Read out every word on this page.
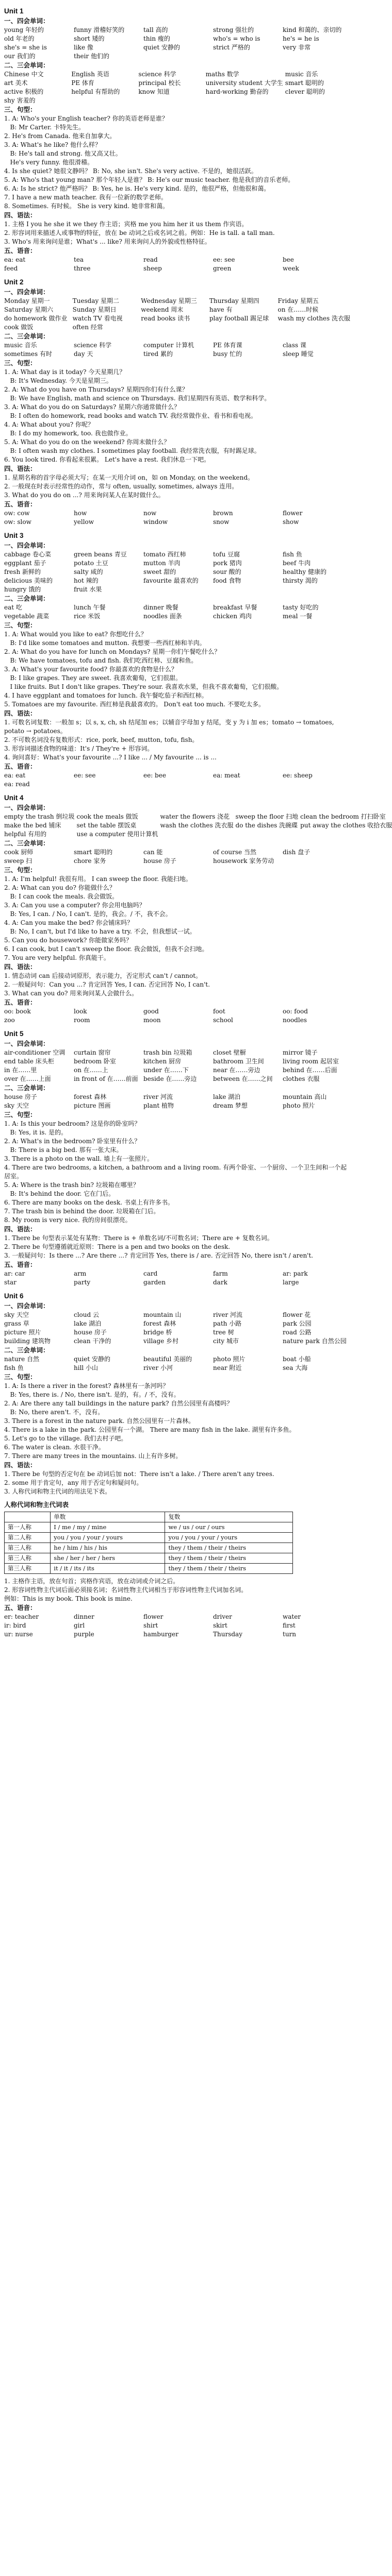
Unit 1
一、四会单词：
young 年轻的	funny 滑稽好笑的	tall 高的	strong 强壮的	kind 和蔼的、亲切的
old 年老的	short 矮的	thin 瘦的	who's = who is	he's = he is
she's = she is	like 像	quiet 安静的	strict 严格的	very 非常
our 我们的	their 他们的
二、三会单词：
Chinese 中文	English 英语	science 科学	maths 数学	music 音乐
art 美术	PE 体育	principal 校长	university student 大学生 smart 聪明的
active 积极的	helpful 有帮助的	know 知道	hard-working 勤奋的	clever 聪明的
shy 害羞的
三、句型：
1. A: Who's your English teacher? 你的英语老师是谁？
B: Mr Carter. 卡特先生。
2. He's from Canada. 他来自加拿大。
3. A: What's he like? 他什么样？
B: He's tall and strong. 他又高又壮。
He's very funny. 他很滑稽。
4. Is she quiet? 她很文静吗？ B: No, she isn't. She's very active. 不是的，她很活跃。
5. A: Who's that young man? 那个年轻人是谁？ B: He's our music teacher. 他是我们的音乐老师。
6. A: Is he strict? 他严格吗？ B: Yes, he is. He's very kind. 是的，他很严格，但他很和蔼。
7. I have a new math teacher. 我有一位新的数学老师。
8. Sometimes. 有时候。 She is very kind. 她非常和蔼。
四、语法：
1. 主格 I you he she it we they 作主语；宾格 me you him her it us them 作宾语。
2. 形容词用来描述人或事物的特征，放在 be 动词之后或名词之前。例如：He is tall. a tall man.
3. Who's 用来询问是谁；What's ... like? 用来询问人的外貌或性格特征。
五、语音：
ea: eat	tea	read	ee: see	bee
feed	three	sheep	green	week
Unit 2
一、四会单词：
Monday 星期一	Tuesday 星期二	Wednesday 星期三	Thursday 星期四	Friday 星期五
Saturday 星期六	Sunday 星期日	weekend 周末	have 有	on 在……时候
do homework 做作业 watch TV 看电视	read books 读书	play football 踢足球	wash my clothes 洗衣服
cook 做饭	often 经常
二、三会单词：
music 音乐	science 科学	computer 计算机	PE 体育课	class 课
sometimes 有时	day 天	tired 累的	busy 忙的	sleep 睡觉
三、句型：
1. A: What day is it today? 今天星期几？
B: It's Wednesday. 今天是星期三。
2. A: What do you have on Thursdays? 星期四你们有什么课？
B: We have English, math and science on Thursdays. 我们星期四有英语、数学和科学。
3. A: What do you do on Saturdays? 星期六你通常做什么？
B: I often do homework, read books and watch TV. 我经常做作业、看书和看电视。
4. A: What about you? 你呢？
B: I do my homework, too. 我也做作业。
5. A: What do you do on the weekend? 你周末做什么？
B: I often wash my clothes. I sometimes play football. 我经常洗衣服，有时踢足球。
6. You look tired. 你看起来很累。 Let's have a rest. 我们休息一下吧。
四、语法：
1. 星期名称的首字母必须大写；在某一天用介词 on，如 on Monday, on the weekend。
2. 一般现在时表示经常性的动作，常与 often, usually, sometimes, always 连用。
3. What do you do on ...? 用来询问某人在某时做什么。
五、语音：
ow: cow	how	now	brown	flower
ow: slow	yellow	window	snow	show
Unit 3
一、四会单词：
cabbage 卷心菜	green beans 青豆	tomato 西红柿	tofu 豆腐	fish 鱼
eggplant 茄子	potato 土豆	mutton 羊肉	pork 猪肉	beef 牛肉
fresh 新鲜的	salty 咸的	sweet 甜的	sour 酸的	healthy 健康的
delicious 美味的	hot 辣的	favourite 最喜欢的	food 食物	thirsty 渴的
hungry 饿的	fruit 水果
二、三会单词：
eat 吃	lunch 午餐	dinner 晚餐	breakfast 早餐	tasty 好吃的
vegetable 蔬菜	rice 米饭	noodles 面条	chicken 鸡肉	meal 一餐
三、句型：
1. A: What would you like to eat? 你想吃什么？
B: I'd like some tomatoes and mutton. 我想要一些西红柿和羊肉。
2. A: What do you have for lunch on Mondays? 星期一你们午餐吃什么？
B: We have tomatoes, tofu and fish. 我们吃西红柿、豆腐和鱼。
3. A: What's your favourite food? 你最喜欢的食物是什么？
B: I like grapes. They are sweet. 我喜欢葡萄，它们很甜。
I like fruits. But I don't like grapes. They're sour. 我喜欢水果，但我不喜欢葡萄，它们很酸。
4. I have eggplant and tomatoes for lunch. 我午餐吃茄子和西红柿。
5. Tomatoes are my favourite. 西红柿是我最喜欢的。 Don't eat too much. 不要吃太多。
四、语法：
1. 可数名词复数：一般加 s；以 s, x, ch, sh 结尾加 es；以辅音字母加 y 结尾，变 y 为 i 加 es；tomato → tomatoes, potato → potatoes。
2. 不可数名词没有复数形式：rice, pork, beef, mutton, tofu, fish。
3. 形容词描述食物的味道：It's / They're + 形容词。
4. 询问喜好：What's your favourite ...? I like ... / My favourite ... is ...
五、语音：
ea: eat	ee: see	ee: bee	ea: meat	ee: sheep
ea: read
Unit 4
一、四会单词：
empty the trash 倒垃圾 cook the meals 做饭	water the flowers 浇花 sweep the floor 扫地 clean the bedroom 打扫卧室
make the bed 铺床	set the table 摆饭桌	wash the clothes 洗衣服 do the dishes 洗碗碟 put away the clothes 收拾衣服
helpful 有用的	use a computer 使用计算机
二、三会单词：
cook 厨师	smart 聪明的	can 能	of course 当然	dish 盘子
sweep 扫	chore 家务	house 房子	housework 家务劳动
三、句型：
1. A: I'm helpful! 我很有用。 I can sweep the floor. 我能扫地。
2. A: What can you do? 你能做什么？
B: I can cook the meals. 我会做饭。
3. A: Can you use a computer? 你会用电脑吗？
B: Yes, I can. / No, I can't. 是的，我会。/ 不，我不会。
4. A: Can you make the bed? 你会铺床吗？
B: No, I can't, but I'd like to have a try. 不会，但我想试一试。
5. Can you do housework? 你能做家务吗？
6. I can cook, but I can't sweep the floor. 我会做饭，但我不会扫地。
7. You are very helpful. 你真能干。
四、语法：
1. 情态动词 can 后接动词原形，表示能力，否定形式 can't / cannot。
2. 一般疑问句：Can you ...? 肯定回答 Yes, I can. 否定回答 No, I can't.
3. What can you do? 用来询问某人会做什么。
五、语音：
oo: book	look	good	foot	oo: food
zoo	room	moon	school	noodles
Unit 5
一、四会单词：
air-conditioner 空调	curtain 窗帘	trash bin 垃圾箱	closet 壁橱	mirror 镜子
end table 床头柜	bedroom 卧室	kitchen 厨房	bathroom 卫生间	living room 起居室
in 在……里	on 在……上	under 在……下	near 在……旁边	behind 在……后面
over 在……上面	in front of 在……前面 beside 在……旁边	between 在……之间	clothes 衣服
二、三会单词：
house 房子	forest 森林	river 河流	lake 湖泊	mountain 高山
sky 天空	picture 图画	plant 植物	dream 梦想	photo 照片
三、句型：
1. A: Is this your bedroom? 这是你的卧室吗？
B: Yes, it is. 是的。
2. A: What's in the bedroom? 卧室里有什么？
B: There is a big bed. 那有一张大床。
3. There is a photo on the wall. 墙上有一张照片。
4. There are two bedrooms, a kitchen, a bathroom and a living room. 有两个卧室、一个厨房、一个卫生间和一个起居室。
5. A: Where is the trash bin? 垃圾箱在哪里？
B: It's behind the door. 它在门后。
6. There are many books on the desk. 书桌上有许多书。
7. The trash bin is behind the door. 垃圾箱在门后。
8. My room is very nice. 我的房间很漂亮。
四、语法：
1. There be 句型表示某处有某物：There is + 单数名词/不可数名词；There are + 复数名词。
2. There be 句型遵循就近原则：There is a pen and two books on the desk.
3. 一般疑问句：Is there ...? Are there ...? 肯定回答 Yes, there is / are. 否定回答 No, there isn't / aren't.
五、语音：
ar: car	arm	card	farm	ar: park
star	party	garden	dark	large
Unit 6
一、四会单词：
sky 天空	cloud 云	mountain 山	river 河流	flower 花
grass 草	lake 湖泊	forest 森林	path 小路	park 公园
picture 照片	house 房子	bridge 桥	tree 树	road 公路
building 建筑物	clean 干净的	village 乡村	city 城市	nature park 自然公园
二、三会单词：
nature 自然	quiet 安静的	beautiful 美丽的	photo 照片	boat 小船
fish 鱼	hill 小山	river 小河	near 附近	sea 大海
三、句型：
1. A: Is there a river in the forest? 森林里有一条河吗？
B: Yes, there is. / No, there isn't. 是的，有。/ 不，没有。
2. A: Are there any tall buildings in the nature park? 自然公园里有高楼吗？
B: No, there aren't. 不，没有。
3. There is a forest in the nature park. 自然公园里有一片森林。
4. There is a lake in the park. 公园里有一个湖。 There are many fish in the lake. 湖里有许多鱼。
5. Let's go to the village. 我们去村子吧。
6. The water is clean. 水很干净。
7. There are many trees in the mountains. 山上有许多树。
四、语法：
1. There be 句型的否定句在 be 动词后加 not：There isn't a lake. / There aren't any trees.
2. some 用于肯定句，any 用于否定句和疑问句。
3. 人称代词和物主代词的用法见下表。
人称代词和物主代词表
	单数	复数
第一人称	I / me / my / mine	we / us / our / ours
第二人称	you / you / your / yours	you / you / your / yours
第三人称	he / him / his / his	they / them / their / theirs
第三人称	she / her / her / hers	they / them / their / theirs
第三人称	it / it / its / its	they / them / their / theirs
1. 主格作主语，放在句首；宾格作宾语，放在动词或介词之后。
2. 形容词性物主代词后面必须接名词；名词性物主代词相当于形容词性物主代词加名词。
例如：This is my book. This book is mine.
五、语音：
er: teacher	dinner	flower	driver	water
ir: bird	girl	shirt	skirt	first
ur: nurse	purple	hamburger	Thursday	turn
